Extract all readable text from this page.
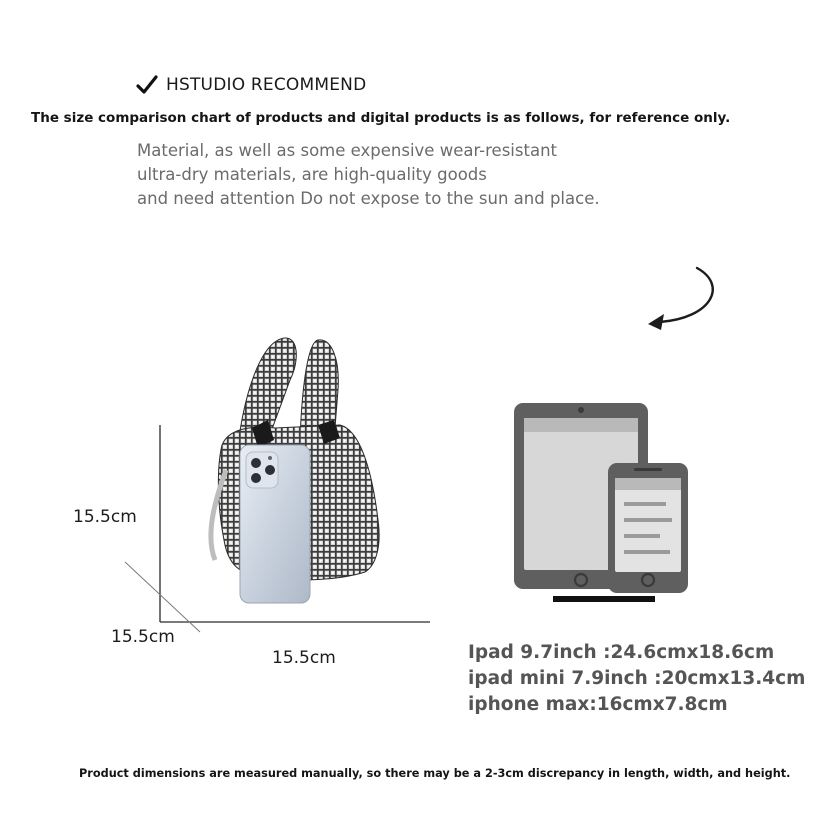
HSTUDIO RECOMMEND
The size comparison chart of products and digital products is as follows, for reference only.
Material, as well as some expensive wear-resistant
ultra-dry materials, are high-quality goods
and need attention Do not expose to the sun and place.
15.5cm
15.5cm
15.5cm	Ipad 9.7inch :24.6cmx18.6cm
ipad mini 7.9inch :20cmx13.4cm
iphone max:16cmx7.8cm
Product dimensions are measured manually, so there may be a 2-3cm discrepancy in length, width, and height.
